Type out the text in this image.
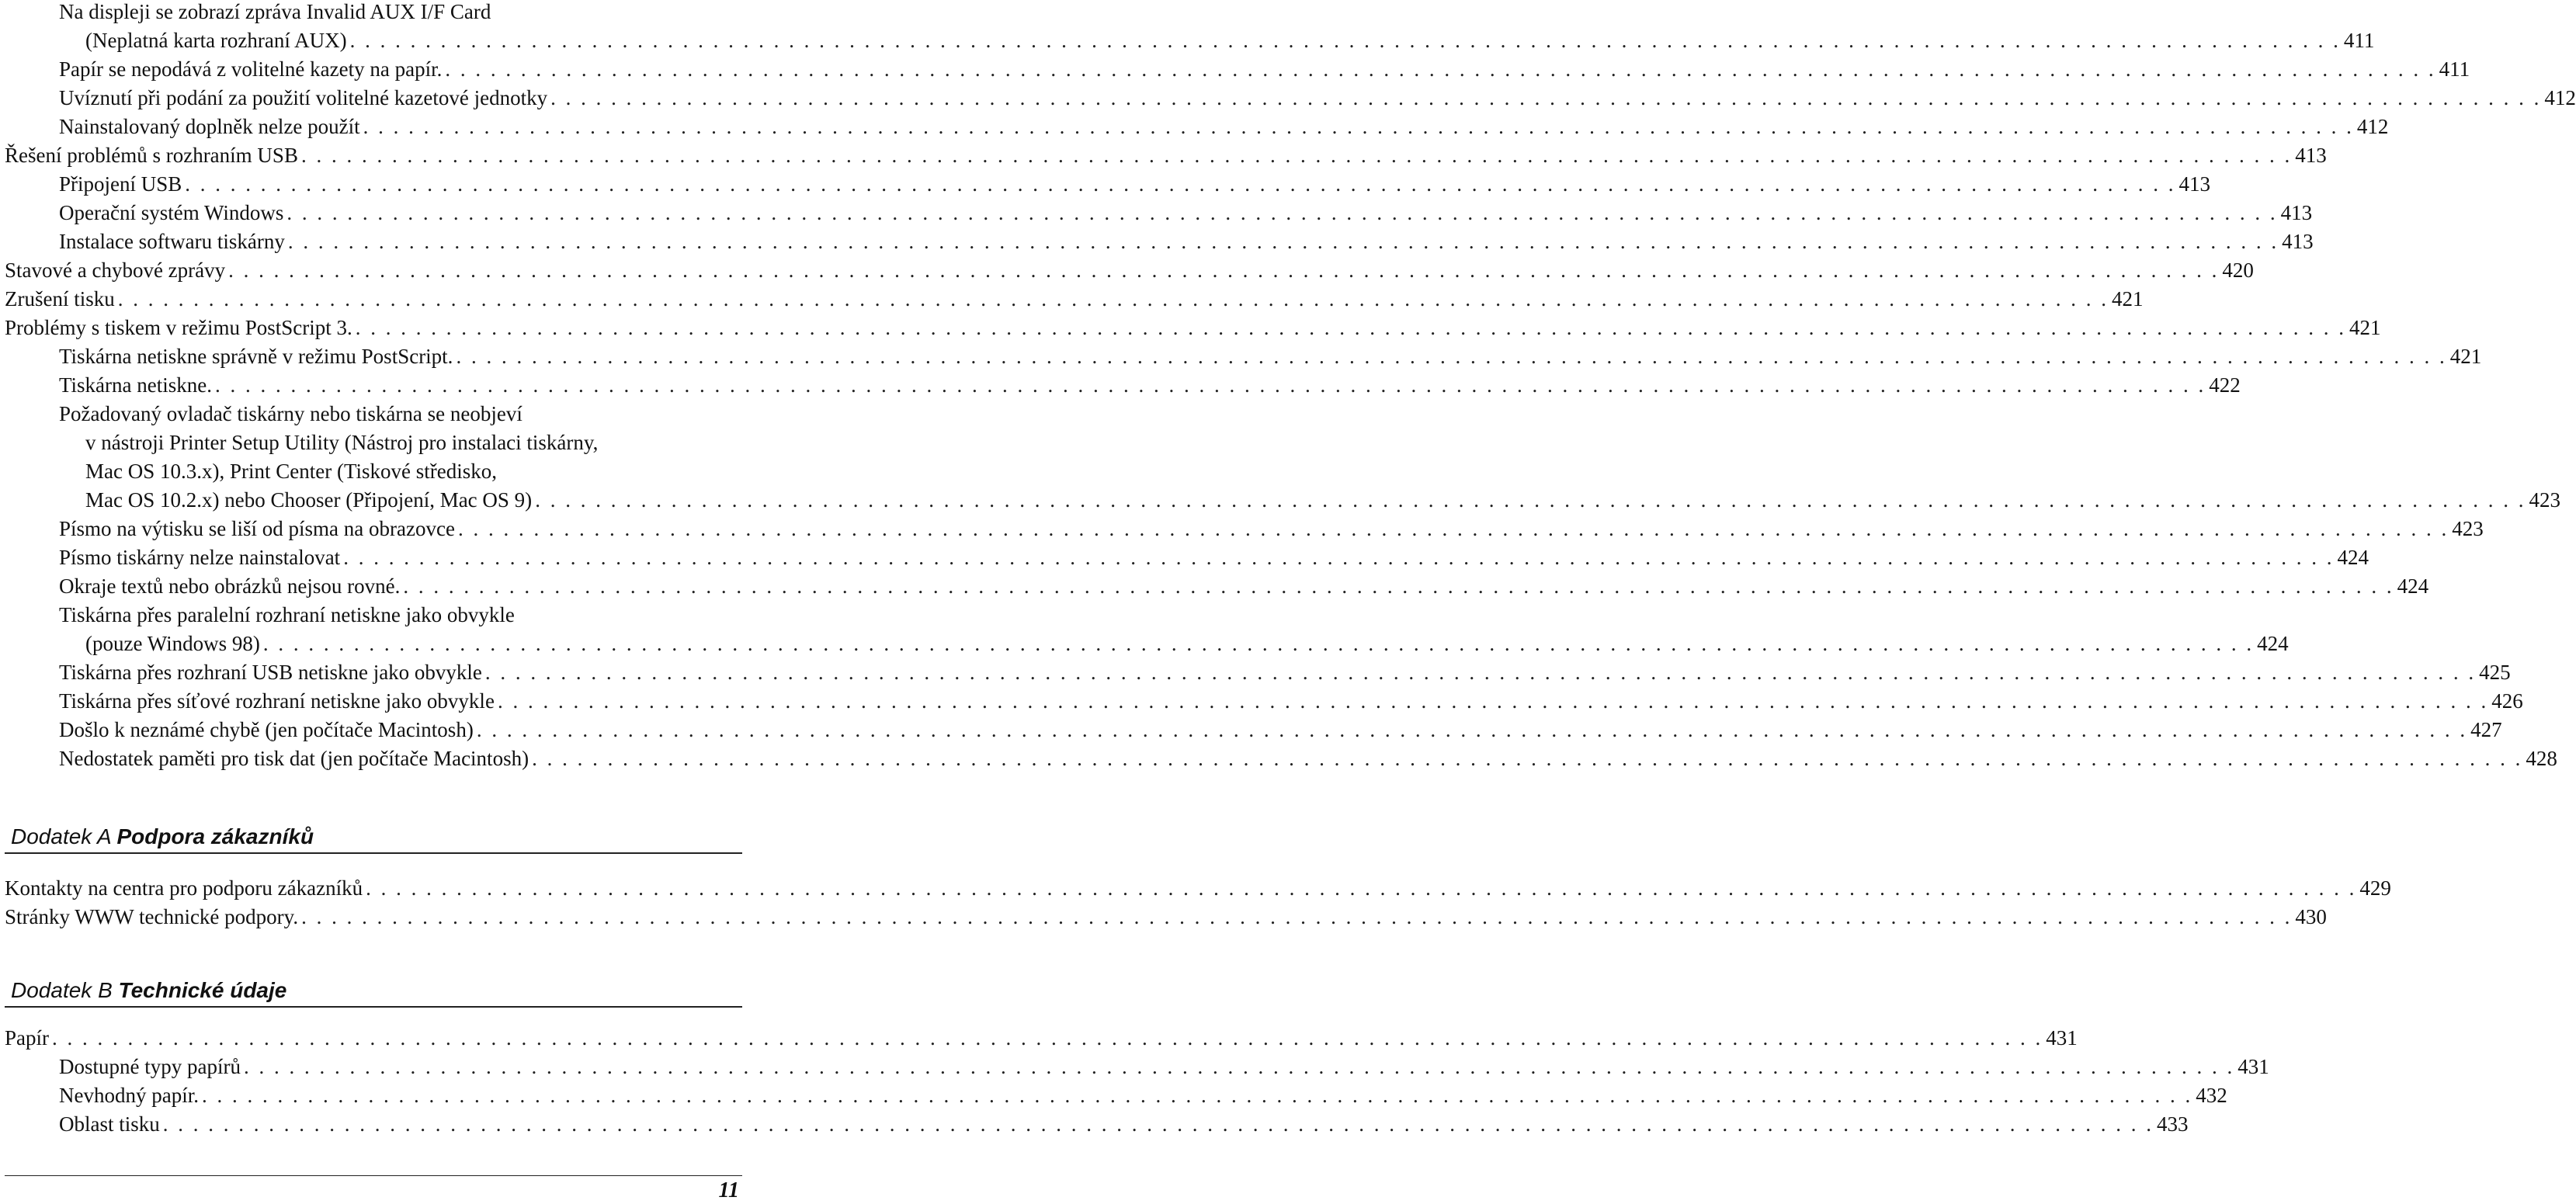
Na displeji se zobrazí zpráva Invalid AUX I/F Card
(Neplatná karta rozhraní AUX) . . .	411
Papír se nepodává z volitelné kazety na papír. . . .	411
Uvíznutí při podání za použití volitelné kazetové jednotky . . .	412
Nainstalovaný doplněk nelze použít . . .	412
Řešení problémů s rozhraním USB . . .	413
Připojení USB . . .	413
Operační systém Windows . . .	413
Instalace softwaru tiskárny . . .	413
Stavové a chybové zprávy . . .	420
Zrušení tisku . . .	421
Problémy s tiskem v režimu PostScript 3. . . .	421
Tiskárna netiskne správně v režimu PostScript. . . .	421
Tiskárna netiskne. . . .	422
Požadovaný ovladač tiskárny nebo tiskárna se neobjeví
v nástroji Printer Setup Utility (Nástroj pro instalaci tiskárny,
Mac OS 10.3.x), Print Center (Tiskové středisko,
Mac OS 10.2.x) nebo Chooser (Připojení, Mac OS 9) . . .	423
Písmo na výtisku se liší od písma na obrazovce . . .	423
Písmo tiskárny nelze nainstalovat . . .	424
Okraje textů nebo obrázků nejsou rovné. . . .	424
Tiskárna přes paralelní rozhraní netiskne jako obvykle
(pouze Windows 98) . . .	424
Tiskárna přes rozhraní USB netiskne jako obvykle . . .	425
Tiskárna přes síťové rozhraní netiskne jako obvykle . . .	426
Došlo k neznámé chybě (jen počítače Macintosh) . . .	427
Nedostatek paměti pro tisk dat (jen počítače Macintosh) . . .	428
Dodatek A Podpora zákazníků
Kontakty na centra pro podporu zákazníků . . .	429
Stránky WWW technické podpory. . . .	430
Dodatek B Technické údaje
Papír . . .	431
Dostupné typy papírů . . .	431
Nevhodný papír. . . .	432
Oblast tisku . . .	433
11
